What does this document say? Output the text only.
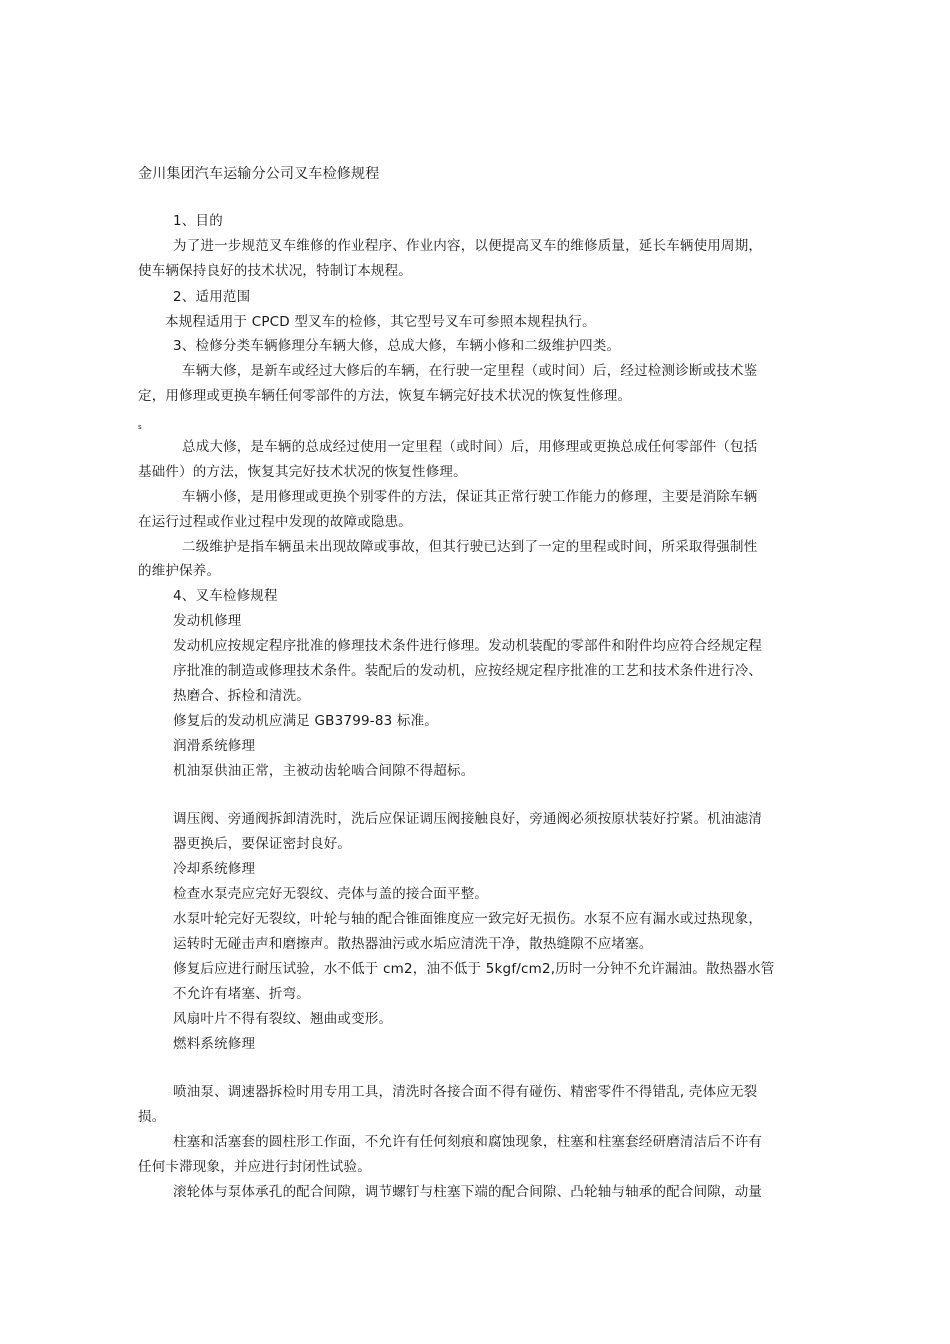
金川集团汽车运输分公司叉车检修规程
1、目的
为了进一步规范叉车维修的作业程序、作业内容，以便提高叉车的维修质量，延长车辆使用周期，
使车辆保持良好的技术状况，特制订本规程。
2、适用范围
本规程适用于 CPCD 型叉车的检修，其它型号叉车可参照本规程执行。
3、检修分类车辆修理分车辆大修，总成大修，车辆小修和二级维护四类。
车辆大修，是新车或经过大修后的车辆，在行驶一定里程（或时间）后，经过检测诊断或技术鉴
定，用修理或更换车辆任何零部件的方法，恢复车辆完好技术状况的恢复性修理。
s
总成大修，是车辆的总成经过使用一定里程（或时间）后，用修理或更换总成任何零部件（包括
基础件）的方法，恢复其完好技术状况的恢复性修理。
车辆小修，是用修理或更换个别零件的方法，保证其正常行驶工作能力的修理，主要是消除车辆
在运行过程或作业过程中发现的故障或隐患。
二级维护是指车辆虽未出现故障或事故，但其行驶已达到了一定的里程或时间，所采取得强制性
的维护保养。
4、叉车检修规程
发动机修理
发动机应按规定程序批准的修理技术条件进行修理。发动机装配的零部件和附件均应符合经规定程
序批准的制造或修理技术条件。装配后的发动机，应按经规定程序批准的工艺和技术条件进行冷、
热磨合、拆检和清洗。
修复后的发动机应满足 GB3799-83 标准。
润滑系统修理
机油泵供油正常，主被动齿轮啮合间隙不得超标。
调压阀、旁通阀拆卸清洗时，洗后应保证调压阀接触良好，旁通阀必须按原状装好拧紧。机油滤清
器更换后，要保证密封良好。
冷却系统修理
检查水泵壳应完好无裂纹、壳体与盖的接合面平整。
水泵叶轮完好无裂纹，叶轮与轴的配合锥面锥度应一致完好无损伤。水泵不应有漏水或过热现象，
运转时无碰击声和磨擦声。散热器油污或水垢应清洗干净，散热缝隙不应堵塞。
修复后应进行耐压试验，水不低于 cm2，油不低于 5kgf/cm2,历时一分钟不允许漏油。散热器水管
不允许有堵塞、折弯。
风扇叶片不得有裂纹、翘曲或变形。
燃料系统修理
喷油泵、调速器拆检时用专用工具，清洗时各接合面不得有碰伤、精密零件不得错乱, 壳体应无裂
损。
柱塞和活塞套的圆柱形工作面，不允许有任何刻痕和腐蚀现象，柱塞和柱塞套经研磨清洁后不许有
任何卡滞现象，并应进行封闭性试验。
滚轮体与泵体承孔的配合间隙，调节螺钉与柱塞下端的配合间隙、凸轮轴与轴承的配合间隙，动量
